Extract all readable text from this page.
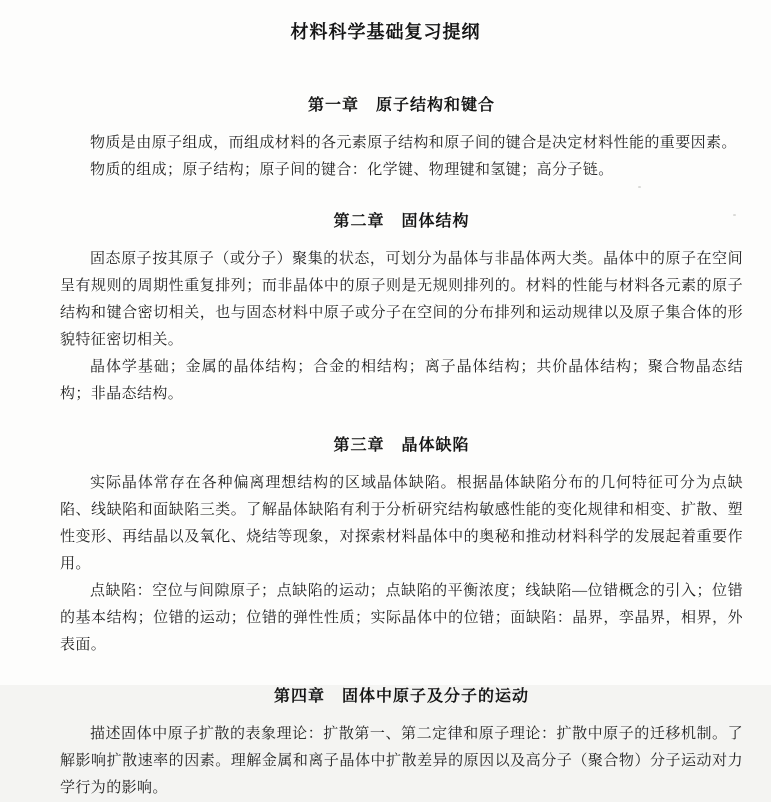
材料科学基础复习提纲
第一章　原子结构和键合

物质是由原子组成，而组成材料的各元素原子结构和原子间的键合是决定材料性能的重要因素。

物质的组成；原子结构；原子间的键合：化学键、物理键和氢键；高分子链。

第二章　固体结构

固态原子按其原子（或分子）聚集的状态，可划分为晶体与非晶体两大类。晶体中的原子在空间呈有规则的周期性重复排列；而非晶体中的原子则是无规则排列的。材料的性能与材料各元素的原子结构和键合密切相关，也与固态材料中原子或分子在空间的分布排列和运动规律以及原子集合体的形貌特征密切相关。

晶体学基础；金属的晶体结构；合金的相结构；离子晶体结构；共价晶体结构；聚合物晶态结构；非晶态结构。

第三章　晶体缺陷

实际晶体常存在各种偏离理想结构的区域晶体缺陷。根据晶体缺陷分布的几何特征可分为点缺陷、线缺陷和面缺陷三类。了解晶体缺陷有利于分析研究结构敏感性能的变化规律和相变、扩散、塑性变形、再结晶以及氧化、烧结等现象，对探索材料晶体中的奥秘和推动材料科学的发展起着重要作用。

点缺陷：空位与间隙原子；点缺陷的运动；点缺陷的平衡浓度；线缺陷—位错概念的引入；位错的基本结构；位错的运动；位错的弹性性质；实际晶体中的位错；面缺陷：晶界，孪晶界，相界，外表面。

第四章　固体中原子及分子的运动

描述固体中原子扩散的表象理论：扩散第一、第二定律和原子理论：扩散中原子的迁移机制。了解影响扩散速率的因素。理解金属和离子晶体中扩散差异的原因以及高分子（聚合物）分子运动对力学行为的影响。
